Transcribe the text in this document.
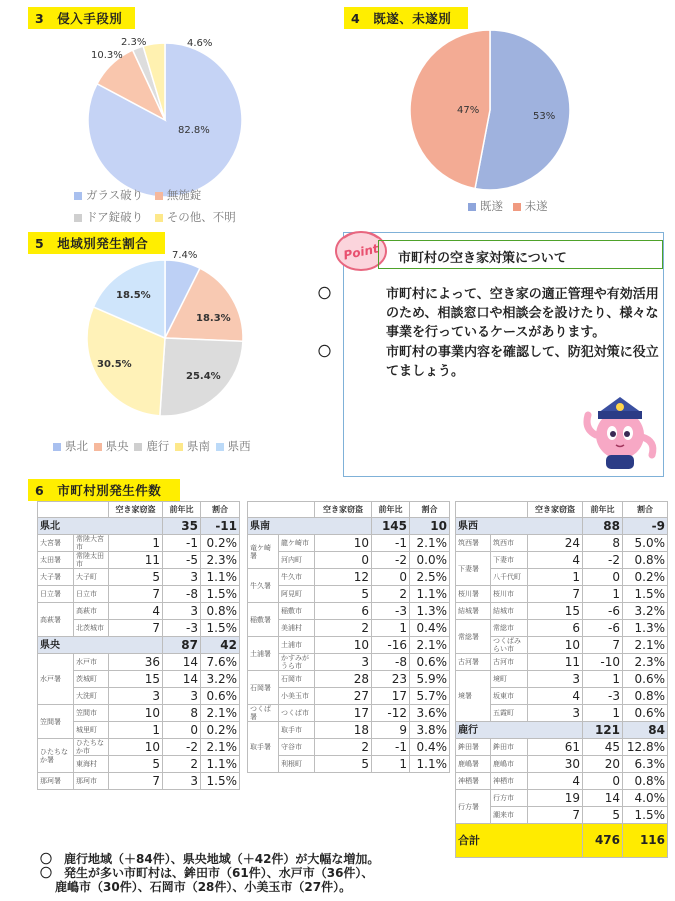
3　侵入手段別
82.8%
10.3%
2.3%	4.6%
ガラス破り 無施錠
ドア錠破り その他、不明
4　既遂、未遂別
53%
47%
既遂 未遂
5　地域別発生割合
7.4%
18.3%
25.4%
30.5%
18.5%
県北 県央 鹿行 県南 県西
Point	市町村の空き家対策について

〇	市町村によって、空き家の適正管理や有効活用のため、相談窓口や相談会を設けたり、様々な事業を行っているケースがあります。

〇	市町村の事業内容を確認して、防犯対策に役立てましょう。

6　市町村別発生件数
		空き家窃盗	前年比	割合	
県北			35	-11	
大宮署	常陸大宮市	1	-1	0.2%	
太田署	常陸太田市	11	-5	2.3%	
大子署	大子町	5	3	1.1%	
日立署	日立市	7	-8	1.5%	
高萩署	高萩市	4	3	0.8%	
	北茨城市	7	-3	1.5%	
県央			87	42	
水戸署	水戸市	36	14	7.6%	
	茨城町	15	14	3.2%	
	大洗町	3	3	0.6%	
笠間署	笠間市	10	8	2.1%	
	城里町	1	0	0.2%	
ひたちなか署	ひたちなか市	10	-2	2.1%	
	東海村	5	2	1.1%	
那珂署	那珂市	7	3	1.5%	
		空き家窃盗	前年比	割合	
県南			145	10	
竜ケ崎署	龍ケ崎市	10	-1	2.1%	
	河内町	0	-2	0.0%	
牛久署	牛久市	12	0	2.5%	
	阿見町	5	2	1.1%	
稲敷署	稲敷市	6	-3	1.3%	
	美浦村	2	1	0.4%	
土浦署	土浦市	10	-16	2.1%	
	かすみがうら市	3	-8	0.6%	
石岡署	石岡市	28	23	5.9%	
	小美玉市	27	17	5.7%	
つくば署	つくば市	17	-12	3.6%	
取手署	取手市	18	9	3.8%	
	守谷市	2	-1	0.4%	
	利根町	5	1	1.1%	
		空き家窃盗	前年比	割合	
県西			88	-9	
筑西署	筑西市	24	8	5.0%	
下妻署	下妻市	4	-2	0.8%	
	八千代町	1	0	0.2%	
桜川署	桜川市	7	1	1.5%	
結城署	結城市	15	-6	3.2%	
常総署	常総市	6	-6	1.3%	
	つくばみらい市	10	7	2.1%	
古河署	古河市	11	-10	2.3%	
境署	境町	3	1	0.6%	
	坂東市	4	-3	0.8%	
	五霞町	3	1	0.6%	
鹿行			121	84	
鉾田署	鉾田市	61	45	12.8%	
鹿嶋署	鹿嶋市	30	20	6.3%	
神栖署	神栖市	4	0	0.8%	
行方署	行方市	19	14	4.0%	
	潮来市	7	5	1.5%	
合計			476	116	
〇　 鹿行地域（＋84件）、県央地域（＋42件）が大幅な増加。
〇　 発生が多い市町村は、鉾田市（61件）、水戸市（36件）、
鹿嶋市（30件）、石岡市（28件）、小美玉市（27件）。
